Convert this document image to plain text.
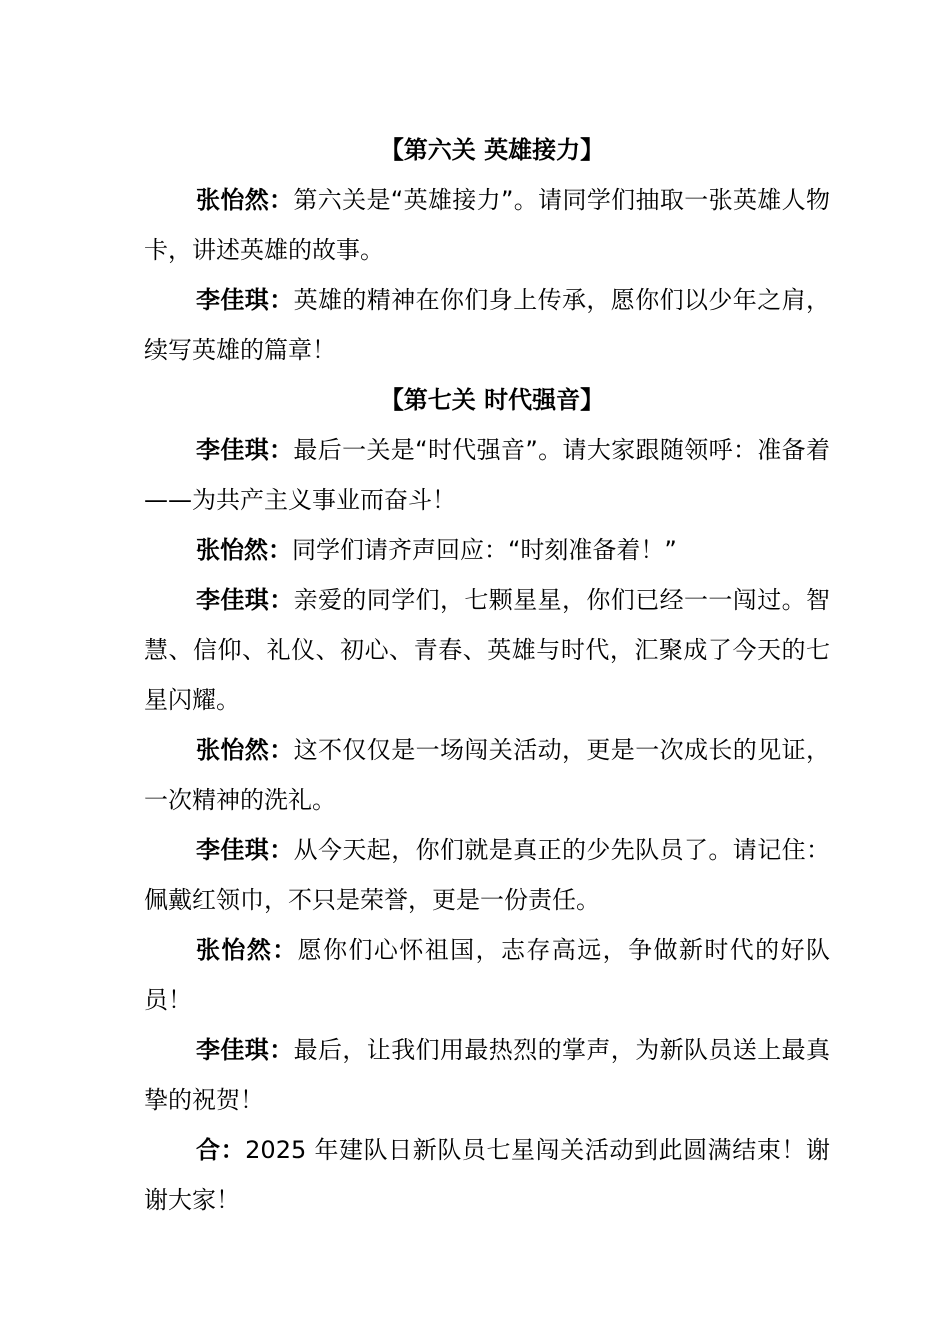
【第六关 英雄接力】

张怡然：第六关是“英雄接力”。请同学们抽取一张英雄人物卡，讲述英雄的故事。

李佳琪：英雄的精神在你们身上传承，愿你们以少年之肩，续写英雄的篇章！

【第七关 时代强音】

李佳琪：最后一关是“时代强音”。请大家跟随领呼：准备着——为共产主义事业而奋斗！

张怡然：同学们请齐声回应：“时刻准备着！”

李佳琪：亲爱的同学们，七颗星星，你们已经一一闯过。智慧、信仰、礼仪、初心、青春、英雄与时代，汇聚成了今天的七星闪耀。

张怡然：这不仅仅是一场闯关活动，更是一次成长的见证，一次精神的洗礼。

李佳琪：从今天起，你们就是真正的少先队员了。请记住：佩戴红领巾，不只是荣誉，更是一份责任。

张怡然：愿你们心怀祖国，志存高远，争做新时代的好队员！

李佳琪：最后，让我们用最热烈的掌声，为新队员送上最真挚的祝贺！

合：2025 年建队日新队员七星闯关活动到此圆满结束！谢谢大家！
